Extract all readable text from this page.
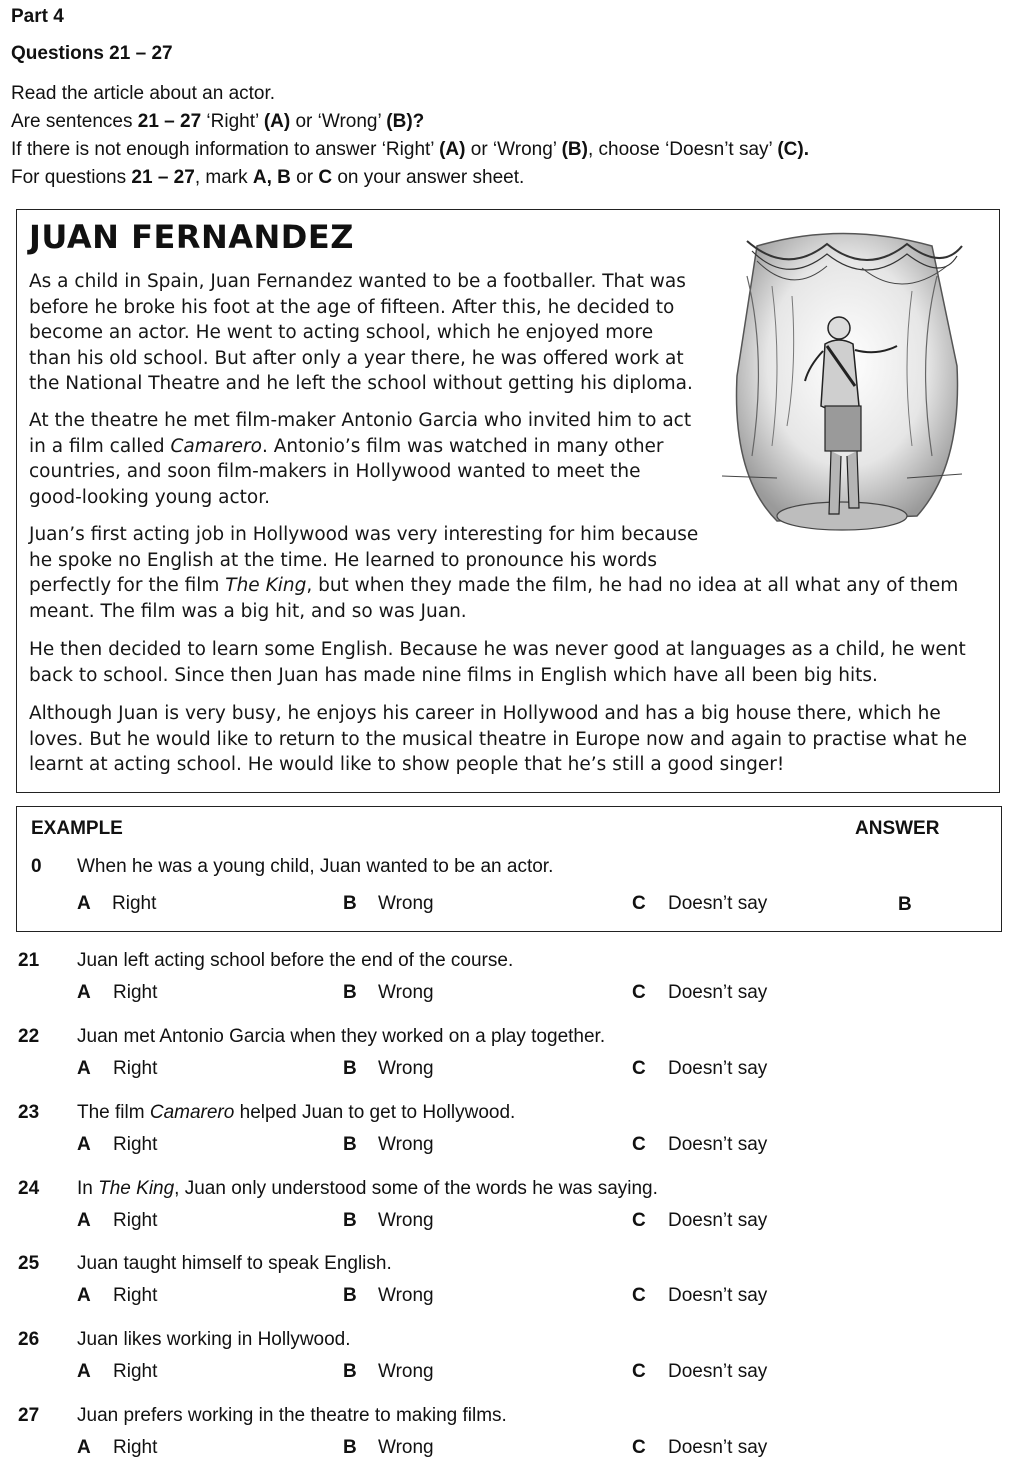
Part 4
Questions 21 – 27
Read the article about an actor.
Are sentences 21 – 27 ‘Right’ (A) or ‘Wrong’ (B)?
If there is not enough information to answer ‘Right’ (A) or ‘Wrong’ (B), choose ‘Doesn’t say’ (C).
For questions 21 – 27, mark A, B or C on your answer sheet.
JUAN FERNANDEZ
As a child in Spain, Juan Fernandez wanted to be a footballer. That was
before he broke his foot at the age of fifteen. After this, he decided to
become an actor. He went to acting school, which he enjoyed more
than his old school. But after only a year there, he was offered work at
the National Theatre and he left the school without getting his diploma.
At the theatre he met film-maker Antonio Garcia who invited him to act
in a film called Camarero. Antonio’s film was watched in many other
countries, and soon film-makers in Hollywood wanted to meet the
good-looking young actor.
Juan’s first acting job in Hollywood was very interesting for him because
he spoke no English at the time. He learned to pronounce his words
perfectly for the film The King, but when they made the film, he had no idea at all what any of them
meant. The film was a big hit, and so was Juan.
He then decided to learn some English. Because he was never good at languages as a child, he went
back to school. Since then Juan has made nine films in English which have all been big hits.
Although Juan is very busy, he enjoys his career in Hollywood and has a big house there, which he
loves. But he would like to return to the musical theatre in Europe now and again to practise what he
learnt at acting school. He would like to show people that he’s still a good singer!
EXAMPLE	ANSWER
0 When he was a young child, Juan wanted to be an actor.
A Right	B Wrong	C Doesn’t say	B
21 Juan left acting school before the end of the course.
A Right	B Wrong	C Doesn’t say
22 Juan met Antonio Garcia when they worked on a play together.
A Right	B Wrong	C Doesn’t say
23 The film Camarero helped Juan to get to Hollywood.
A Right	B Wrong	C Doesn’t say
24 In The King, Juan only understood some of the words he was saying.
A Right	B Wrong	C Doesn’t say
25 Juan taught himself to speak English.
A Right	B Wrong	C Doesn’t say
26 Juan likes working in Hollywood.
A Right	B Wrong	C Doesn’t say
27 Juan prefers working in the theatre to making films.
A Right	B Wrong	C Doesn’t say
